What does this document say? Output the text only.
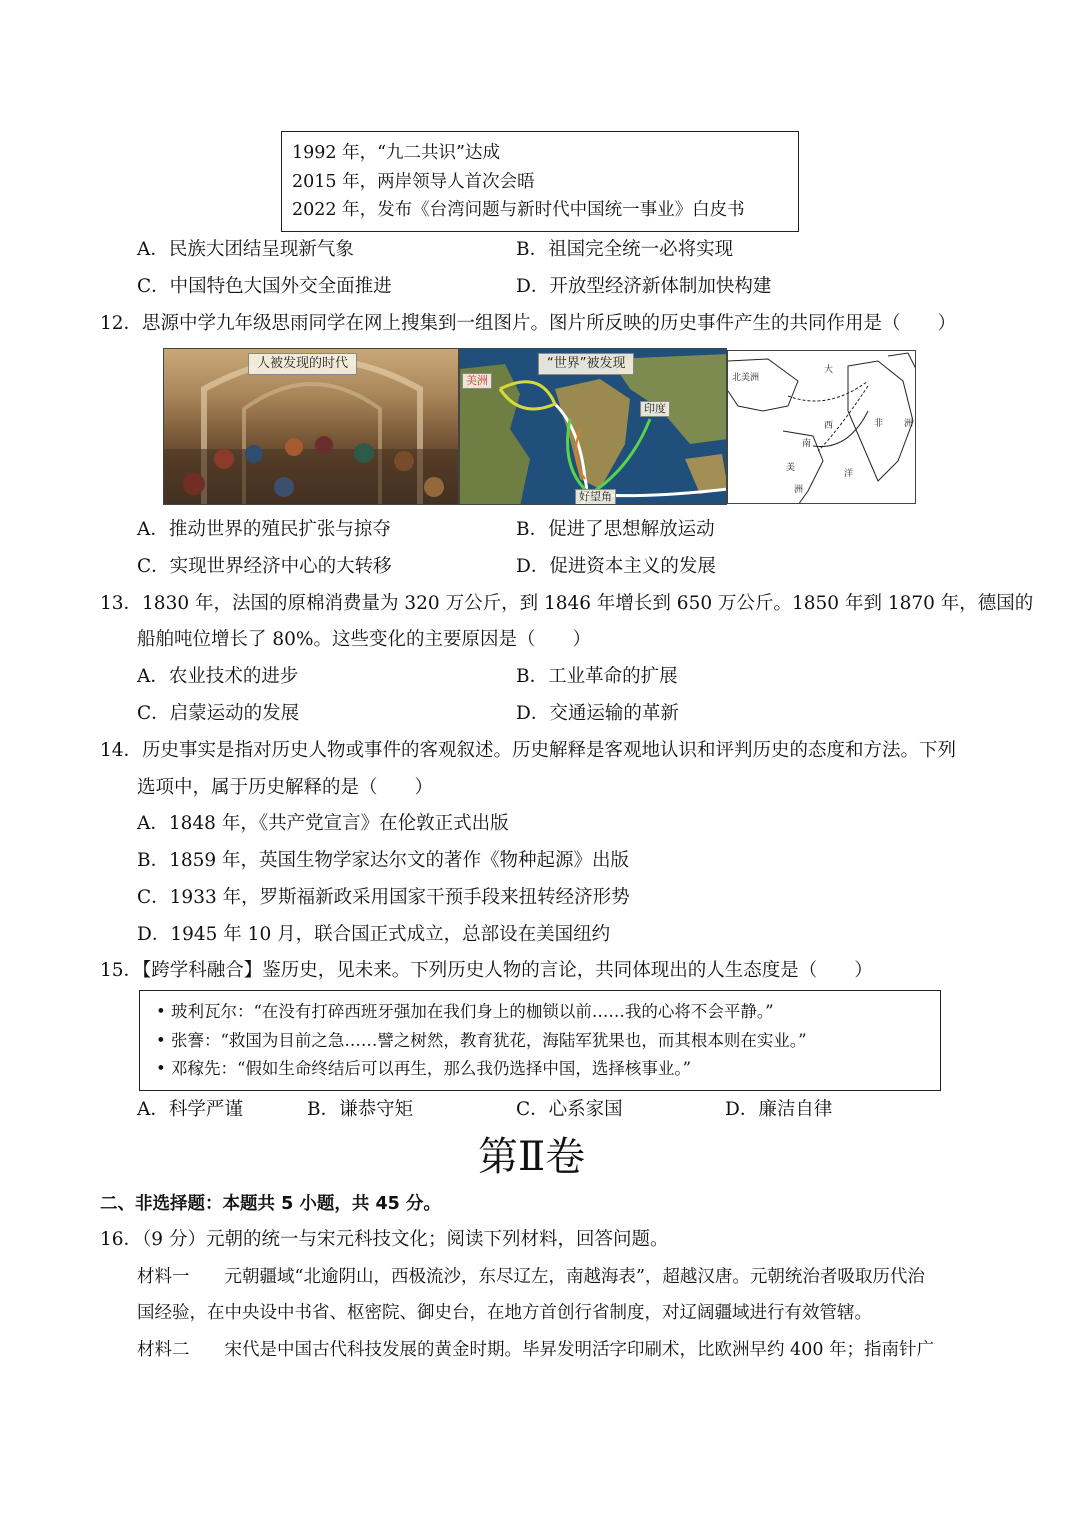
1992 年，“九二共识”达成
2015 年，两岸领导人首次会晤
2022 年，发布《台湾问题与新时代中国统一事业》白皮书
A．民族大团结呈现新气象	B．祖国完全统一必将实现
C．中国特色大国外交全面推进	D．开放型经济新体制加快构建
12．思源中学九年级思雨同学在网上搜集到一组图片。图片所反映的历史事件产生的共同作用是（　　）
人被发现的时代	“世界”被发现
美洲
印度
好望角
北美洲
大
西	非 洲
南
美
洲
洋
A．推动世界的殖民扩张与掠夺	B．促进了思想解放运动
C．实现世界经济中心的大转移	D．促进资本主义的发展
13．1830 年，法国的原棉消费量为 320 万公斤，到 1846 年增长到 650 万公斤。1850 年到 1870 年，德国的
船舶吨位增长了 80%。这些变化的主要原因是（　　）
A．农业技术的进步	B．工业革命的扩展
C．启蒙运动的发展	D．交通运输的革新
14．历史事实是指对历史人物或事件的客观叙述。历史解释是客观地认识和评判历史的态度和方法。下列
选项中，属于历史解释的是（　　）
A．1848 年，《共产党宣言》在伦敦正式出版
B．1859 年，英国生物学家达尔文的著作《物种起源》出版
C．1933 年，罗斯福新政采用国家干预手段来扭转经济形势
D．1945 年 10 月，联合国正式成立，总部设在美国纽约
15．【跨学科融合】鉴历史，见未来。下列历史人物的言论，共同体现出的人生态度是（　　）
• 玻利瓦尔：“在没有打碎西班牙强加在我们身上的枷锁以前……我的心将不会平静。”
• 张謇：“救国为目前之急……譬之树然，教育犹花，海陆军犹果也，而其根本则在实业。”
• 邓稼先：“假如生命终结后可以再生，那么我仍选择中国，选择核事业。”
A．科学严谨	B．谦恭守矩	C．心系家国	D．廉洁自律
第Ⅱ卷
二、非选择题：本题共 5 小题，共 45 分。
16．（9 分）元朝的统一与宋元科技文化；阅读下列材料，回答问题。
材料一　　元朝疆域“北逾阴山，西极流沙，东尽辽左，南越海表”，超越汉唐。元朝统治者吸取历代治
国经验，在中央设中书省、枢密院、御史台，在地方首创行省制度，对辽阔疆域进行有效管辖。
材料二　　宋代是中国古代科技发展的黄金时期。毕昇发明活字印刷术，比欧洲早约 400 年；指南针广
